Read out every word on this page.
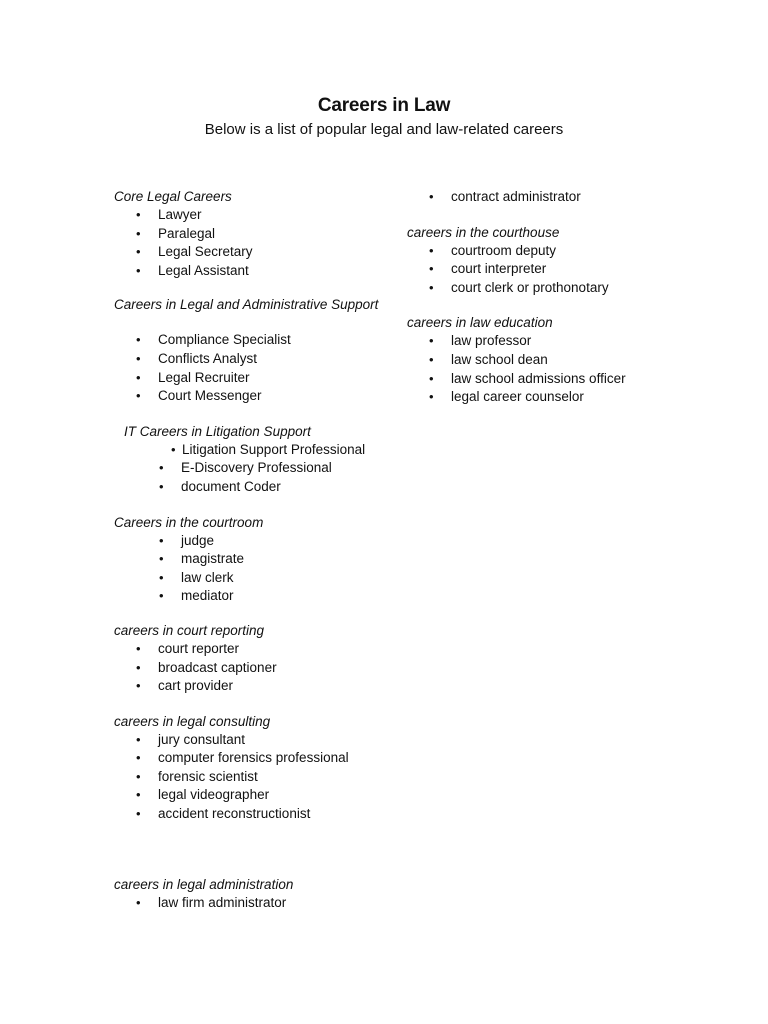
Careers in Law
Below is a list of popular legal and law-related careers
Core Legal Careers
• Lawyer
• Paralegal
• Legal Secretary
• Legal Assistant
Careers in Legal and Administrative Support
• Compliance Specialist
• Conflicts Analyst
• Legal Recruiter
• Court Messenger
IT Careers in Litigation Support
• Litigation Support Professional
• E-Discovery Professional
• document Coder
Careers in the courtroom
• judge
• magistrate
• law clerk
• mediator
careers in court reporting
• court reporter
• broadcast captioner
• cart provider
careers in legal consulting
• jury consultant
• computer forensics professional
• forensic scientist
• legal videographer
• accident reconstructionist
careers in legal administration
• law firm administrator
• contract administrator
careers in the courthouse
• courtroom deputy
• court interpreter
• court clerk or prothonotary
careers in law education
• law professor
• law school dean
• law school admissions officer
• legal career counselor
